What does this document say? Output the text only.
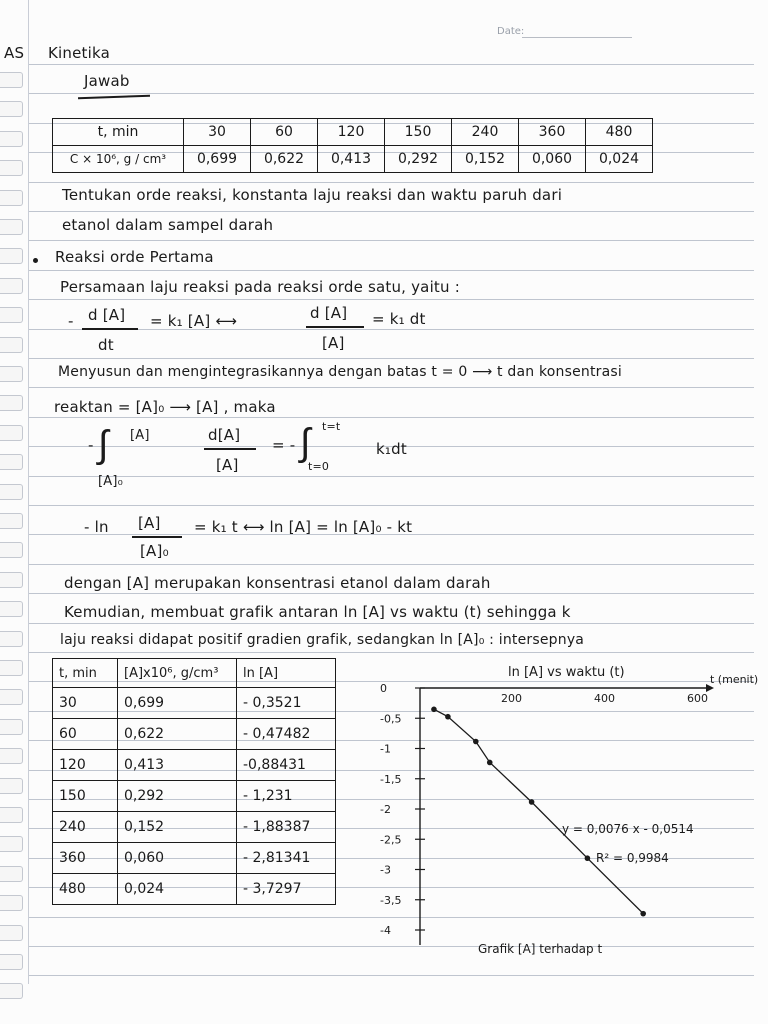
Date:
AS Kinetika
Jawab
t, min	30	60	120	150	240	360	480
C × 10⁶, g / cm³	0,699	0,622	0,413	0,292	0,152	0,060	0,024
Tentukan orde reaksi, konstanta laju reaksi dan waktu paruh dari
etanol dalam sampel darah
Reaksi orde Pertama
Persamaan laju reaksi pada reaksi orde satu, yaitu :
- d [A]
dt
= k₁ [A] ⟷	d [A]
[A]
= k₁ dt
Menyusun dan mengintegrasikannya dengan batas t = 0 ⟶ t dan konsentrasi
reaktan = [A]₀ ⟶ [A] , maka
- ∫ [A]
[A]₀
d[A]
[A]
= - ∫ t=t
t=0
k₁dt
- ln [A]
[A]₀
= k₁ t ⟷ ln [A] = ln [A]₀ - kt
dengan [A] merupakan konsentrasi etanol dalam darah
Kemudian, membuat grafik antaran ln [A] vs waktu (t) sehingga k
laju reaksi didapat positif gradien grafik, sedangkan ln [A]₀ : intersepnya
t, min	[A]x10⁶, g/cm³	ln [A]
30	0,699	- 0,3521
60	0,622	- 0,47482
120	0,413	-0,88431
150	0,292	- 1,231
240	0,152	- 1,88387
360	0,060	- 2,81341
480	0,024	- 3,7297
ln [A] vs waktu (t)	t (menit)
200	400	600
0
-0,5
-1
-1,5
-2
-2,5
-3
-3,5
-4
y = 0,0076 x - 0,0514
R² = 0,9984
Grafik [A] terhadap t
